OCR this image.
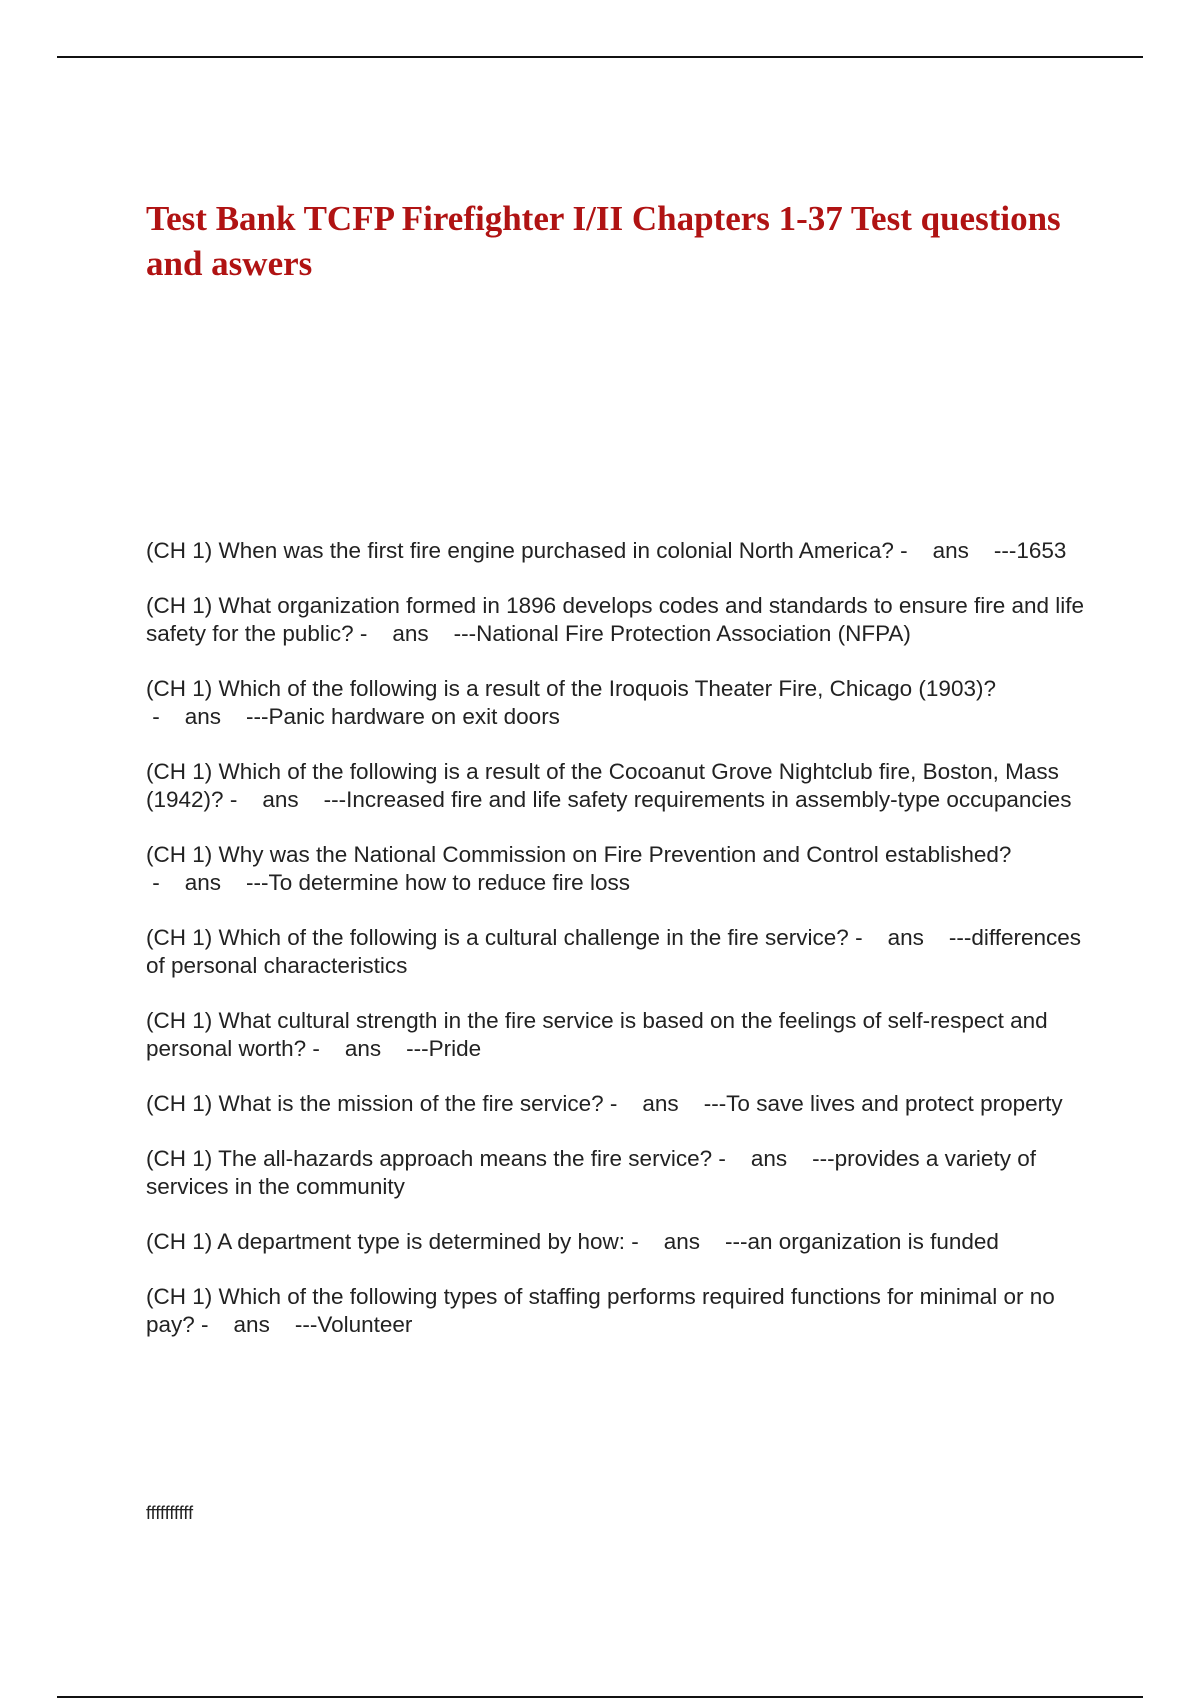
Test Bank TCFP Firefighter I/II Chapters 1-37 Test questions and aswers
(CH 1) When was the first fire engine purchased in colonial North America? -    ans ---1653
(CH 1) What organization formed in 1896 develops codes and standards to ensure fire and life safety for the public? -    ans ---National Fire Protection Association (NFPA)
(CH 1) Which of the following is a result of the Iroquois Theater Fire, Chicago (1903)? -    ans ---Panic hardware on exit doors
(CH 1) Which of the following is a result of the Cocoanut Grove Nightclub fire, Boston, Mass (1942)? -    ans ---Increased fire and life safety requirements in assembly-type occupancies
(CH 1) Why was the National Commission on Fire Prevention and Control established? -    ans ---To determine how to reduce fire loss
(CH 1) Which of the following is a cultural challenge in the fire service? -    ans ---differences of personal characteristics
(CH 1) What cultural strength in the fire service is based on the feelings of self-respect and personal worth? -    ans ---Pride
(CH 1) What is the mission of the fire service? -    ans ---To save lives and protect property
(CH 1) The all-hazards approach means the fire service? -    ans ---provides a variety of services in the community
(CH 1) A department type is determined by how: -    ans ---an organization is funded
(CH 1) Which of the following types of staffing performs required functions for minimal or no pay? -    ans ---Volunteer

ffffffffff
